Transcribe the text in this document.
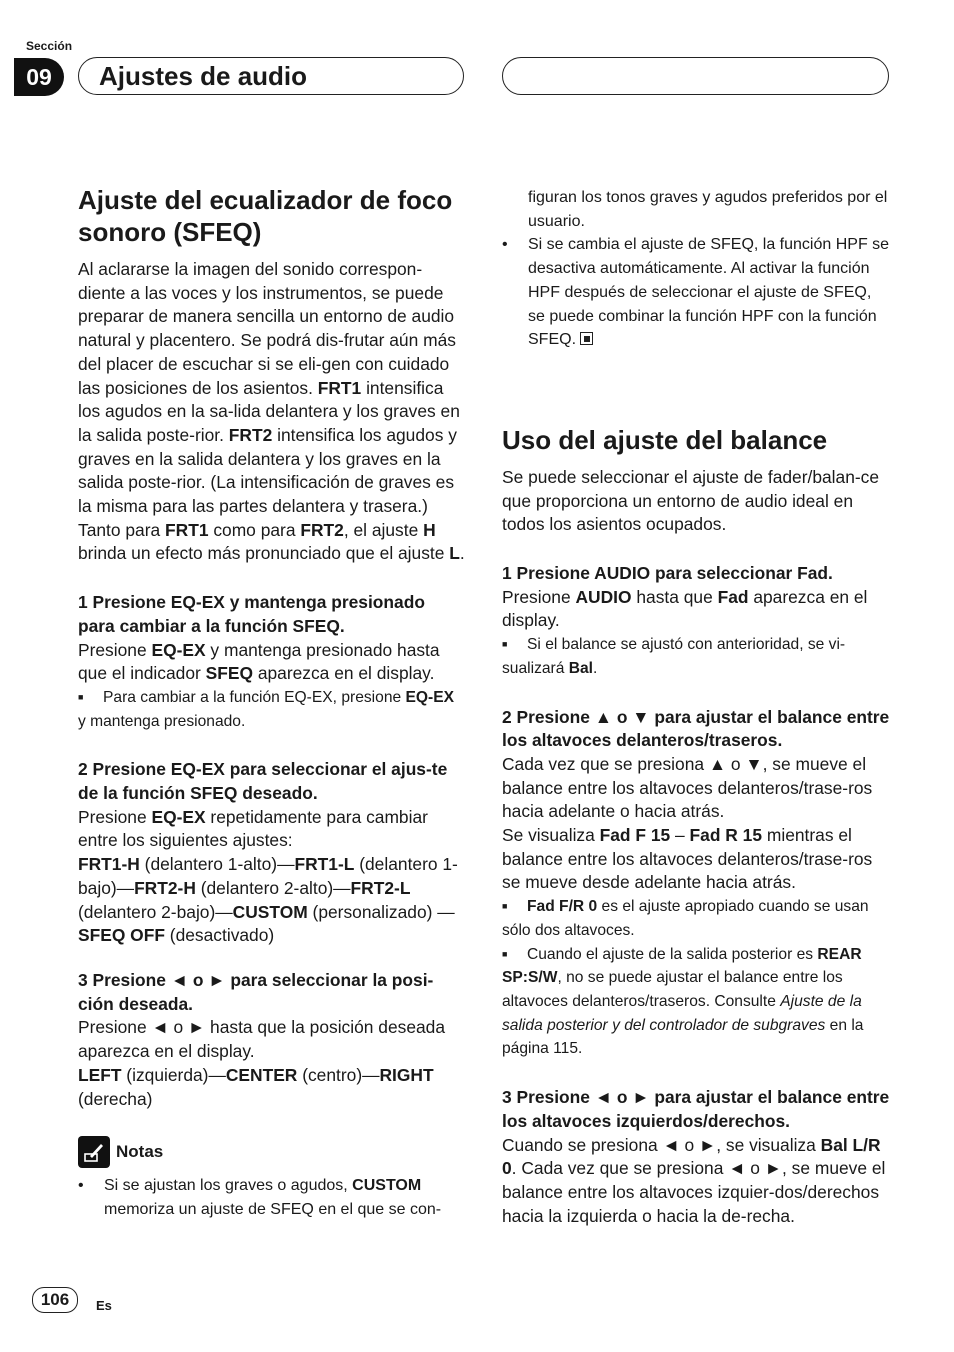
Sección
09	Ajustes de audio
Ajuste del ecualizador de foco sonoro (SFEQ)

Al aclararse la imagen del sonido correspon-diente a las voces y los instrumentos, se puede preparar de manera sencilla un entorno de audio natural y placentero. Se podrá dis-frutar aún más del placer de escuchar si se eli-gen con cuidado las posiciones de los asientos. FRT1 intensifica los agudos en la sa-lida delantera y los graves en la salida poste-rior. FRT2 intensifica los agudos y graves en la salida delantera y los graves en la salida poste-rior. (La intensificación de graves es la misma para las partes delantera y trasera.) Tanto para FRT1 como para FRT2, el ajuste H brinda un efecto más pronunciado que el ajuste L.

1 Presione EQ-EX y mantenga presionado para cambiar a la función SFEQ.

Presione EQ-EX y mantenga presionado hasta que el indicador SFEQ aparezca en el display.

■ Para cambiar a la función EQ-EX, presione EQ-EX y mantenga presionado.

2 Presione EQ-EX para seleccionar el ajus-te de la función SFEQ deseado.

Presione EQ-EX repetidamente para cambiar entre los siguientes ajustes:

FRT1-H (delantero 1-alto)—FRT1-L (delantero 1-bajo)—FRT2-H (delantero 2-alto)—FRT2-L (delantero 2-bajo)—CUSTOM (personalizado) —SFEQ OFF (desactivado)

3 Presione ◄ o ► para seleccionar la posi-ción deseada.

Presione ◄ o ► hasta que la posición deseada aparezca en el display.

LEFT (izquierda)—CENTER (centro)—RIGHT (derecha)

Notas
• Si se ajustan los graves o agudos, CUSTOM memoriza un ajuste de SFEQ en el que se con-
figuran los tonos graves y agudos preferidos por el usuario.
• Si se cambia el ajuste de SFEQ, la función HPF se desactiva automáticamente. Al activar la función HPF después de seleccionar el ajuste de SFEQ, se puede combinar la función HPF con la función SFEQ.
Uso del ajuste del balance

Se puede seleccionar el ajuste de fader/balan-ce que proporciona un entorno de audio ideal en todos los asientos ocupados.

1 Presione AUDIO para seleccionar Fad.

Presione AUDIO hasta que Fad aparezca en el display.

■ Si el balance se ajustó con anterioridad, se vi-sualizará Bal.

2 Presione ▲ o ▼ para ajustar el balance entre los altavoces delanteros/traseros.

Cada vez que se presiona ▲ o ▼, se mueve el balance entre los altavoces delanteros/trase-ros hacia adelante o hacia atrás.

Se visualiza Fad F 15 – Fad R 15 mientras el balance entre los altavoces delanteros/trase-ros se mueve desde adelante hacia atrás.

■ Fad F/R 0 es el ajuste apropiado cuando se usan sólo dos altavoces.

■ Cuando el ajuste de la salida posterior es REAR SP:S/W, no se puede ajustar el balance entre los altavoces delanteros/traseros. Consulte Ajuste de la salida posterior y del controlador de subgraves en la página 115.

3 Presione ◄ o ► para ajustar el balance entre los altavoces izquierdos/derechos.

Cuando se presiona ◄ o ►, se visualiza Bal L/R 0. Cada vez que se presiona ◄ o ►, se mueve el balance entre los altavoces izquier-dos/derechos hacia la izquierda o hacia la de-recha.

106	Es
